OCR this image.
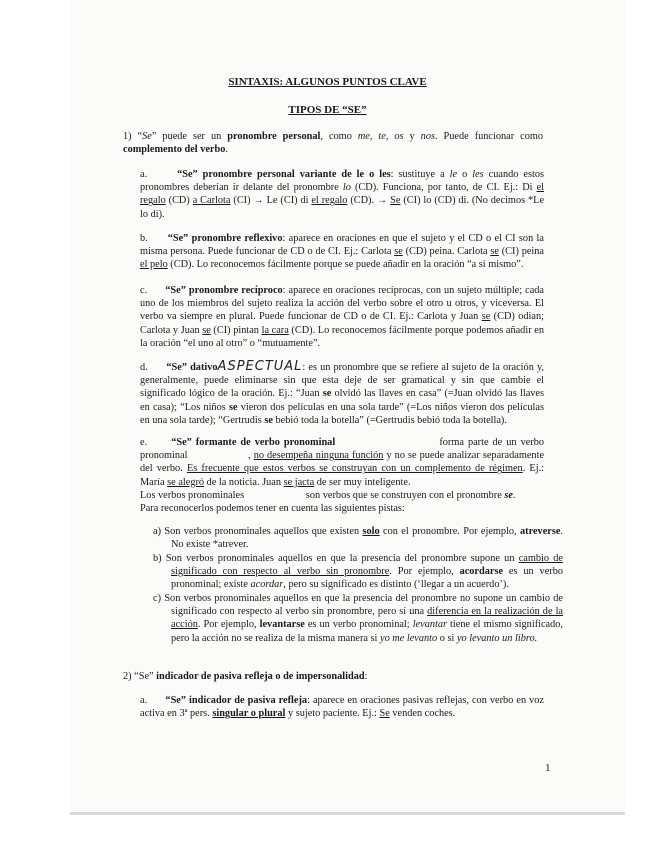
SINTAXIS: ALGUNOS PUNTOS CLAVE
TIPOS DE “SE”

1) “Se” puede ser un pronombre personal, como me, te, os y nos. Puede funcionar como complemento del verbo.

a.	“Se” pronombre personal variante de le o les: sustituye a le o les cuando estos pronombres deberían ir delante del pronombre lo (CD). Funciona, por tanto, de CI. Ej.: Di el regalo (CD) a Carlota (CI) → Le (CI) di el regalo (CD). → Se (CI) lo (CD) di. (No decimos *Le lo di).

b. “Se” pronombre reflexivo: aparece en oraciones en que el sujeto y el CD o el CI son la misma persona. Puede funcionar de CD o de CI. Ej.: Carlota se (CD) peina. Carlota se (CI) peina el pelo (CD). Lo reconocemos fácilmente porque se puede añadir en la oración “a sí mismo”.

c. “Se” pronombre recíproco: aparece en oraciones recíprocas, con un sujeto múltiple; cada uno de los miembros del sujeto realiza la acción del verbo sobre el otro u otros, y viceversa. El verbo va siempre en plural. Puede funcionar de CD o de CI. Ej.: Carlota y Juan se (CD) odian; Carlota y Juan se (CI) pintan la cara (CD). Lo reconocemos fácilmente porque podemos añadir en la oración “el uno al otro” o “mutuamente”.

d. “Se” dativoASPECTUAL: es un pronombre que se refiere al sujeto de la oración y, generalmente, puede eliminarse sin que esta deje de ser gramatical y sin que cambie el significado lógico de la oración. Ej.: “Juan se olvidó las llaves en casa” (=Juan olvidó las llaves en casa); “Los niños se vieron dos películas en una sola tarde” (=Los niños vieron dos películas en una sola tarde); “Gertrudis se bebió toda la botella” (=Gertrudis bebió toda la botella).

e. “Se” formante de verbo pronominal	forma parte de un verbo pronominal	, no desempeña ninguna función y no se puede analizar separadamente del verbo. Es frecuente que estos verbos se construyan con un complemento de régimen. Ej.: María se alegró de la noticia. Juan se jacta de ser muy inteligente.
Los verbos pronominales	son verbos que se construyen con el pronombre se.
Para reconocerlos podemos tener en cuenta las siguientes pistas:

a) Son verbos pronominales aquellos que existen solo con el pronombre. Por ejemplo, atreverse. No existe *atrever.

b) Son verbos pronominales aquellos en que la presencia del pronombre supone un cambio de significado con respecto al verbo sin pronombre. Por ejemplo, acordarse es un verbo pronominal; existe acordar, pero su significado es distinto (‘llegar a un acuerdo’).

c) Son verbos pronominales aquellos en que la presencia del pronombre no supone un cambio de significado con respecto al verbo sin pronombre, pero sí una diferencia en la realización de la acción. Por ejemplo, levantarse es un verbo pronominal; levantar tiene el mismo significado, pero la acción no se realiza de la misma manera si yo me levanto o si yo levanto un libro.

2) “Se” indicador de pasiva refleja o de impersonalidad:

a. “Se” indicador de pasiva refleja: aparece en oraciones pasivas reflejas, con verbo en voz activa en 3ª pers. singular o plural y sujeto paciente. Ej.: Se venden coches.

1
